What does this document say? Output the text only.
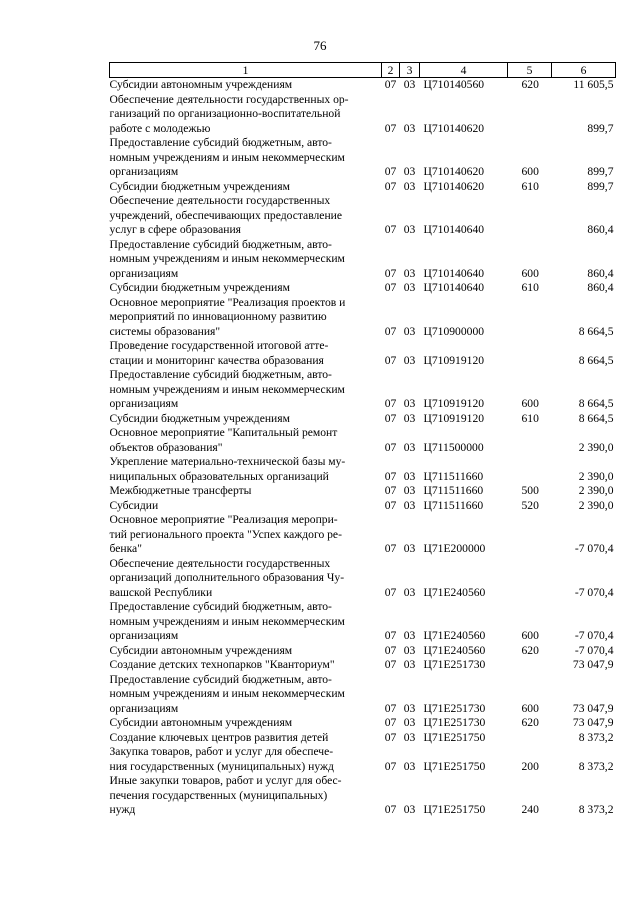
76
1	2	3	4	5	6

Субсидии автономным учреждениям	07	03	Ц710140560	620	11 605,5

Обеспечение деятельности государственных ор-
ганизаций по организационно-воспитательной
работе с молодежью	07	03	Ц710140620		899,7

Предоставление субсидий бюджетным, авто-
номным учреждениям и иным некоммерческим
организациям	07	03	Ц710140620	600	899,7

Субсидии бюджетным учреждениям	07	03	Ц710140620	610	899,7

Обеспечение деятельности государственных
учреждений, обеспечивающих предоставление
услуг в сфере образования	07	03	Ц710140640		860,4

Предоставление субсидий бюджетным, авто-
номным учреждениям и иным некоммерческим
организациям	07	03	Ц710140640	600	860,4

Субсидии бюджетным учреждениям	07	03	Ц710140640	610	860,4

Основное мероприятие "Реализация проектов и
мероприятий по инновационному развитию
системы образования"	07	03	Ц710900000		8 664,5

Проведение государственной итоговой атте-
стации и мониторинг качества образования	07	03	Ц710919120		8 664,5

Предоставление субсидий бюджетным, авто-
номным учреждениям и иным некоммерческим
организациям	07	03	Ц710919120	600	8 664,5

Субсидии бюджетным учреждениям	07	03	Ц710919120	610	8 664,5

Основное мероприятие "Капитальный ремонт
объектов образования"	07	03	Ц711500000		2 390,0

Укрепление материально-технической базы му-
ниципальных образовательных организаций	07	03	Ц711511660		2 390,0

Межбюджетные трансферты	07	03	Ц711511660	500	2 390,0

Субсидии	07	03	Ц711511660	520	2 390,0

Основное мероприятие "Реализация меропри-
тий регионального проекта "Успех каждого ре-
бенка"	07	03	Ц71Е200000		-7 070,4

Обеспечение деятельности государственных
организаций дополнительного образования Чу-
вашской Республики	07	03	Ц71Е240560		-7 070,4

Предоставление субсидий бюджетным, авто-
номным учреждениям и иным некоммерческим
организациям	07	03	Ц71Е240560	600	-7 070,4

Субсидии автономным учреждениям	07	03	Ц71Е240560	620	-7 070,4

Создание детских технопарков "Кванториум"	07	03	Ц71Е251730		73 047,9

Предоставление субсидий бюджетным, авто-
номным учреждениям и иным некоммерческим
организациям	07	03	Ц71Е251730	600	73 047,9

Субсидии автономным учреждениям	07	03	Ц71Е251730	620	73 047,9

Создание ключевых центров развития детей	07	03	Ц71Е251750		8 373,2

Закупка товаров, работ и услуг для обеспече-
ния государственных (муниципальных) нужд	07	03	Ц71Е251750	200	8 373,2

Иные закупки товаров, работ и услуг для обес-
печения государственных (муниципальных)
нужд	07	03	Ц71Е251750	240	8 373,2
